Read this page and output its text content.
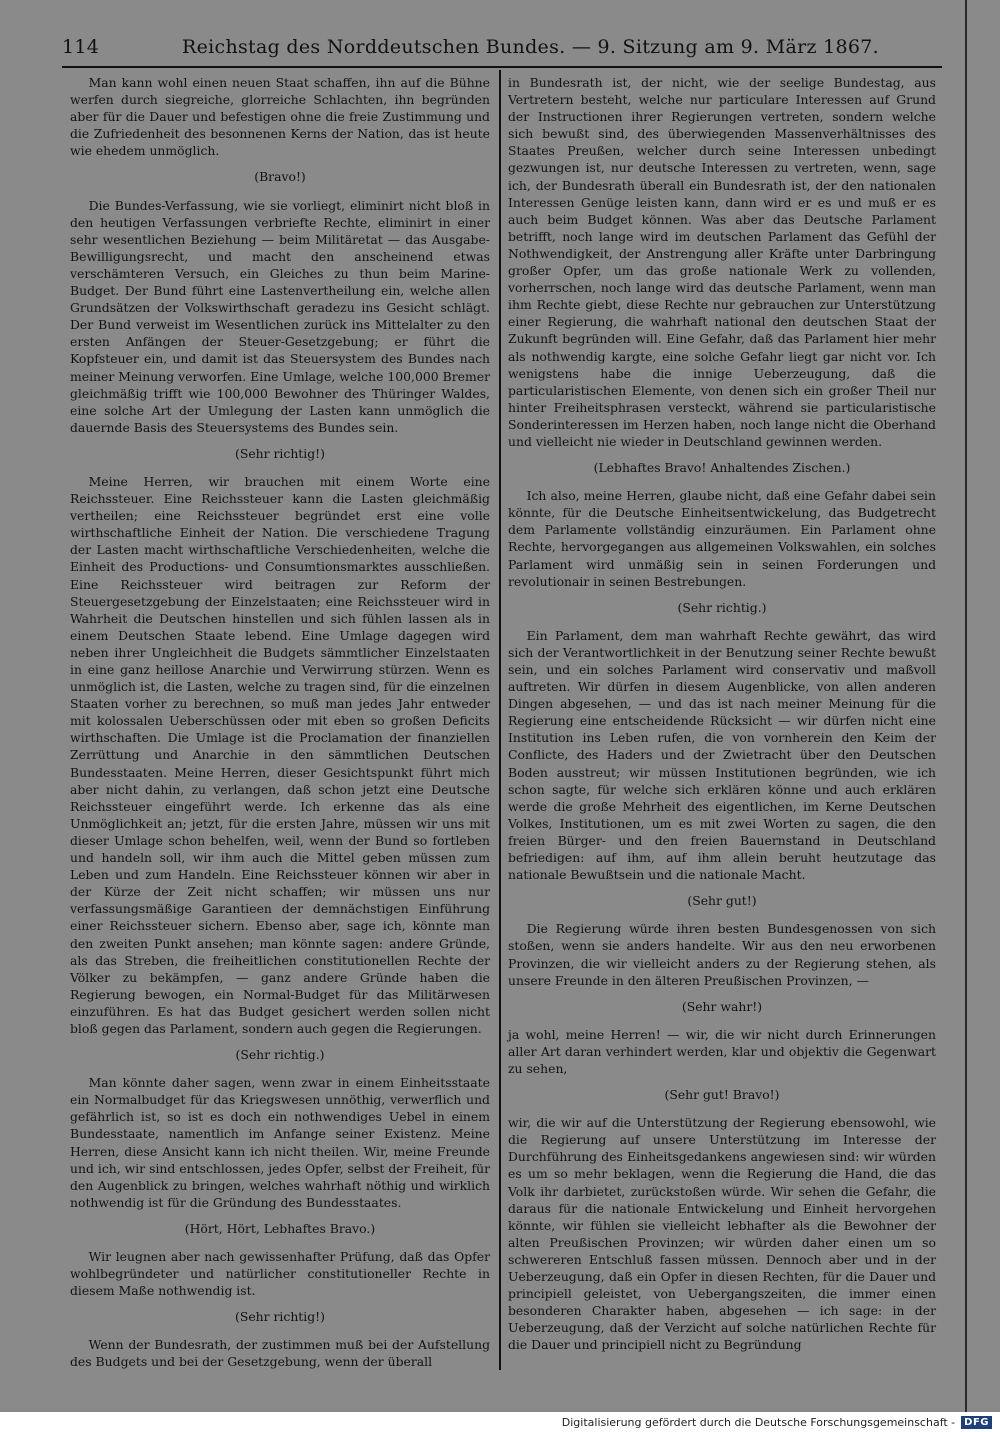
114	Reichstag des Norddeutschen Bundes. — 9. Sitzung am 9. März 1867.

Man kann wohl einen neuen Staat schaffen, ihn auf die Bühne werfen durch siegreiche, glorreiche Schlachten, ihn begründen aber für die Dauer und befestigen ohne die freie Zustimmung und die Zufriedenheit des besonnenen Kerns der Nation, das ist heute wie ehedem unmöglich.

(Bravo!)

Die Bundes-Verfassung, wie sie vorliegt, eliminirt nicht bloß in den heutigen Verfassungen verbriefte Rechte, eliminirt in einer sehr wesentlichen Beziehung — beim Militäretat — das Ausgabe-Bewilligungsrecht, und macht den anscheinend etwas verschämteren Versuch, ein Gleiches zu thun beim Marine-Budget. Der Bund führt eine Lastenvertheilung ein, welche allen Grundsätzen der Volkswirthschaft geradezu ins Gesicht schlägt. Der Bund verweist im Wesentlichen zurück ins Mittelalter zu den ersten Anfängen der Steuer-Gesetzgebung; er führt die Kopfsteuer ein, und damit ist das Steuersystem des Bundes nach meiner Meinung verworfen. Eine Umlage, welche 100,000 Bremer gleichmäßig trifft wie 100,000 Bewohner des Thüringer Waldes, eine solche Art der Umlegung der Lasten kann unmöglich die dauernde Basis des Steuersystems des Bundes sein.

(Sehr richtig!)

Meine Herren, wir brauchen mit einem Worte eine Reichssteuer. Eine Reichssteuer kann die Lasten gleichmäßig vertheilen; eine Reichssteuer begründet erst eine volle wirthschaftliche Einheit der Nation. Die verschiedene Tragung der Lasten macht wirthschaftliche Verschiedenheiten, welche die Einheit des Productions- und Consumtionsmarktes ausschließen. Eine Reichssteuer wird beitragen zur Reform der Steuergesetzgebung der Einzelstaaten; eine Reichssteuer wird in Wahrheit die Deutschen hinstellen und sich fühlen lassen als in einem Deutschen Staate lebend. Eine Umlage dagegen wird neben ihrer Ungleichheit die Budgets sämmtlicher Einzelstaaten in eine ganz heillose Anarchie und Verwirrung stürzen. Wenn es unmöglich ist, die Lasten, welche zu tragen sind, für die einzelnen Staaten vorher zu berechnen, so muß man jedes Jahr entweder mit kolossalen Ueberschüssen oder mit eben so großen Deficits wirthschaften. Die Umlage ist die Proclamation der finanziellen Zerrüttung und Anarchie in den sämmtlichen Deutschen Bundesstaaten. Meine Herren, dieser Gesichtspunkt führt mich aber nicht dahin, zu verlangen, daß schon jetzt eine Deutsche Reichssteuer eingeführt werde. Ich erkenne das als eine Unmöglichkeit an; jetzt, für die ersten Jahre, müssen wir uns mit dieser Umlage schon behelfen, weil, wenn der Bund so fortleben und handeln soll, wir ihm auch die Mittel geben müssen zum Leben und zum Handeln. Eine Reichssteuer können wir aber in der Kürze der Zeit nicht schaffen; wir müssen uns nur verfassungsmäßige Garantieen der demnächstigen Einführung einer Reichssteuer sichern. Ebenso aber, sage ich, könnte man den zweiten Punkt ansehen; man könnte sagen: andere Gründe, als das Streben, die freiheitlichen constitutionellen Rechte der Völker zu bekämpfen, — ganz andere Gründe haben die Regierung bewogen, ein Normal-Budget für das Militärwesen einzuführen. Es hat das Budget gesichert werden sollen nicht bloß gegen das Parlament, sondern auch gegen die Regierungen.

(Sehr richtig.)

Man könnte daher sagen, wenn zwar in einem Einheitsstaate ein Normalbudget für das Kriegswesen unnöthig, verwerflich und gefährlich ist, so ist es doch ein nothwendiges Uebel in einem Bundesstaate, namentlich im Anfange seiner Existenz. Meine Herren, diese Ansicht kann ich nicht theilen. Wir, meine Freunde und ich, wir sind entschlossen, jedes Opfer, selbst der Freiheit, für den Augenblick zu bringen, welches wahrhaft nöthig und wirklich nothwendig ist für die Gründung des Bundesstaates.

(Hört, Hört, Lebhaftes Bravo.)

Wir leugnen aber nach gewissenhafter Prüfung, daß das Opfer wohlbegründeter und natürlicher constitutioneller Rechte in diesem Maße nothwendig ist.

(Sehr richtig!)

Wenn der Bundesrath, der zustimmen muß bei der Aufstellung des Budgets und bei der Gesetzgebung, wenn der überall

in Bundesrath ist, der nicht, wie der seelige Bundestag, aus Vertretern besteht, welche nur particulare Interessen auf Grund der Instructionen ihrer Regierungen vertreten, sondern welche sich bewußt sind, des überwiegenden Massenverhältnisses des Staates Preußen, welcher durch seine Interessen unbedingt gezwungen ist, nur deutsche Interessen zu vertreten, wenn, sage ich, der Bundesrath überall ein Bundesrath ist, der den nationalen Interessen Genüge leisten kann, dann wird er es und muß er es auch beim Budget können. Was aber das Deutsche Parlament betrifft, noch lange wird im deutschen Parlament das Gefühl der Nothwendigkeit, der Anstrengung aller Kräfte unter Darbringung großer Opfer, um das große nationale Werk zu vollenden, vorherrschen, noch lange wird das deutsche Parlament, wenn man ihm Rechte giebt, diese Rechte nur gebrauchen zur Unterstützung einer Regierung, die wahrhaft national den deutschen Staat der Zukunft begründen will. Eine Gefahr, daß das Parlament hier mehr als nothwendig kargte, eine solche Gefahr liegt gar nicht vor. Ich wenigstens habe die innige Ueberzeugung, daß die particularistischen Elemente, von denen sich ein großer Theil nur hinter Freiheitsphrasen versteckt, während sie particularistische Sonderinteressen im Herzen haben, noch lange nicht die Oberhand und vielleicht nie wieder in Deutschland gewinnen werden.

(Lebhaftes Bravo! Anhaltendes Zischen.)

Ich also, meine Herren, glaube nicht, daß eine Gefahr dabei sein könnte, für die Deutsche Einheitsentwickelung, das Budgetrecht dem Parlamente vollständig einzuräumen. Ein Parlament ohne Rechte, hervorgegangen aus allgemeinen Volkswahlen, ein solches Parlament wird unmäßig sein in seinen Forderungen und revolutionair in seinen Bestrebungen.

(Sehr richtig.)

Ein Parlament, dem man wahrhaft Rechte gewährt, das wird sich der Verantwortlichkeit in der Benutzung seiner Rechte bewußt sein, und ein solches Parlament wird conservativ und maßvoll auftreten. Wir dürfen in diesem Augenblicke, von allen anderen Dingen abgesehen, — und das ist nach meiner Meinung für die Regierung eine entscheidende Rücksicht — wir dürfen nicht eine Institution ins Leben rufen, die von vornherein den Keim der Conflicte, des Haders und der Zwietracht über den Deutschen Boden ausstreut; wir müssen Institutionen begründen, wie ich schon sagte, für welche sich erklären könne und auch erklären werde die große Mehrheit des eigentlichen, im Kerne Deutschen Volkes, Institutionen, um es mit zwei Worten zu sagen, die den freien Bürger- und den freien Bauernstand in Deutschland befriedigen: auf ihm, auf ihm allein beruht heutzutage das nationale Bewußtsein und die nationale Macht.

(Sehr gut!)

Die Regierung würde ihren besten Bundesgenossen von sich stoßen, wenn sie anders handelte. Wir aus den neu erworbenen Provinzen, die wir vielleicht anders zu der Regierung stehen, als unsere Freunde in den älteren Preußischen Provinzen, —

(Sehr wahr!)

ja wohl, meine Herren! — wir, die wir nicht durch Erinnerungen aller Art daran verhindert werden, klar und objektiv die Gegenwart zu sehen,

(Sehr gut! Bravo!)

wir, die wir auf die Unterstützung der Regierung ebensowohl, wie die Regierung auf unsere Unterstützung im Interesse der Durchführung des Einheitsgedankens angewiesen sind: wir würden es um so mehr beklagen, wenn die Regierung die Hand, die das Volk ihr darbietet, zurückstoßen würde. Wir sehen die Gefahr, die daraus für die nationale Entwickelung und Einheit hervorgehen könnte, wir fühlen sie vielleicht lebhafter als die Bewohner der alten Preußischen Provinzen; wir würden daher einen um so schwereren Entschluß fassen müssen. Dennoch aber und in der Ueberzeugung, daß ein Opfer in diesen Rechten, für die Dauer und principiell geleistet, von Uebergangszeiten, die immer einen besonderen Charakter haben, abgesehen — ich sage: in der Ueberzeugung, daß der Verzicht auf solche natürlichen Rechte für die Dauer und principiell nicht zu Begründung

Digitalisierung gefördert durch die Deutsche Forschungsgemeinschaft - DFG
